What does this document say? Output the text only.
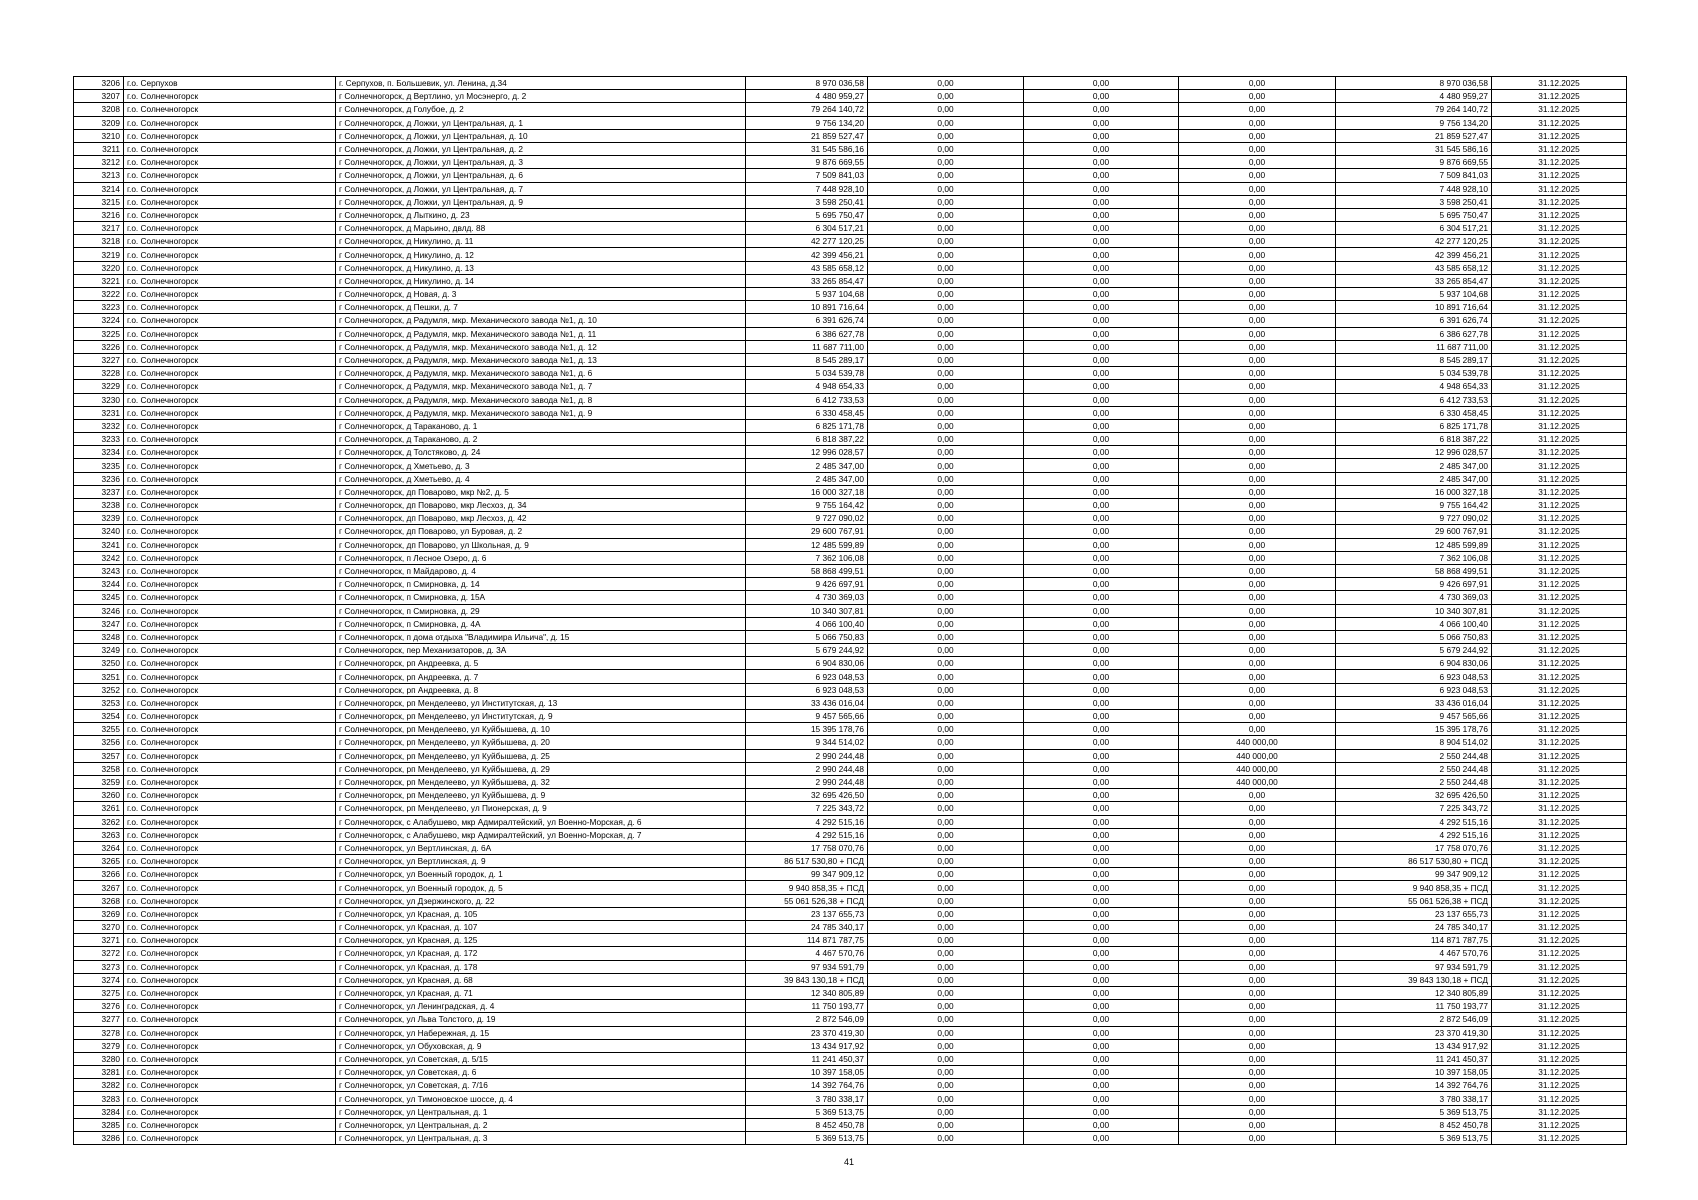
3206	г.о. Серпухов	г. Серпухов, п. Большевик, ул. Ленина, д.34	8 970 036,58	0,00	0,00	0,00	8 970 036,58	31.12.2025
3207	г.о. Солнечногорск	г Солнечногорск, д Вертлино, ул Мосэнерго, д. 2	4 480 959,27	0,00	0,00	0,00	4 480 959,27	31.12.2025
3208	г.о. Солнечногорск	г Солнечногорск, д Голубое, д. 2	79 264 140,72	0,00	0,00	0,00	79 264 140,72	31.12.2025
3209	г.о. Солнечногорск	г Солнечногорск, д Ложки, ул Центральная, д. 1	9 756 134,20	0,00	0,00	0,00	9 756 134,20	31.12.2025
3210	г.о. Солнечногорск	г Солнечногорск, д Ложки, ул Центральная, д. 10	21 859 527,47	0,00	0,00	0,00	21 859 527,47	31.12.2025
3211	г.о. Солнечногорск	г Солнечногорск, д Ложки, ул Центральная, д. 2	31 545 586,16	0,00	0,00	0,00	31 545 586,16	31.12.2025
3212	г.о. Солнечногорск	г Солнечногорск, д Ложки, ул Центральная, д. 3	9 876 669,55	0,00	0,00	0,00	9 876 669,55	31.12.2025
3213	г.о. Солнечногорск	г Солнечногорск, д Ложки, ул Центральная, д. 6	7 509 841,03	0,00	0,00	0,00	7 509 841,03	31.12.2025
3214	г.о. Солнечногорск	г Солнечногорск, д Ложки, ул Центральная, д. 7	7 448 928,10	0,00	0,00	0,00	7 448 928,10	31.12.2025
3215	г.о. Солнечногорск	г Солнечногорск, д Ложки, ул Центральная, д. 9	3 598 250,41	0,00	0,00	0,00	3 598 250,41	31.12.2025
3216	г.о. Солнечногорск	г Солнечногорск, д Лыткино, д. 23	5 695 750,47	0,00	0,00	0,00	5 695 750,47	31.12.2025
3217	г.о. Солнечногорск	г Солнечногорск, д Марьино, двлд. 88	6 304 517,21	0,00	0,00	0,00	6 304 517,21	31.12.2025
3218	г.о. Солнечногорск	г Солнечногорск, д Никулино, д. 11	42 277 120,25	0,00	0,00	0,00	42 277 120,25	31.12.2025
3219	г.о. Солнечногорск	г Солнечногорск, д Никулино, д. 12	42 399 456,21	0,00	0,00	0,00	42 399 456,21	31.12.2025
3220	г.о. Солнечногорск	г Солнечногорск, д Никулино, д. 13	43 585 658,12	0,00	0,00	0,00	43 585 658,12	31.12.2025
3221	г.о. Солнечногорск	г Солнечногорск, д Никулино, д. 14	33 265 854,47	0,00	0,00	0,00	33 265 854,47	31.12.2025
3222	г.о. Солнечногорск	г Солнечногорск, д Новая, д. 3	5 937 104,68	0,00	0,00	0,00	5 937 104,68	31.12.2025
3223	г.о. Солнечногорск	г Солнечногорск, д Пешки, д. 7	10 891 716,64	0,00	0,00	0,00	10 891 716,64	31.12.2025
3224	г.о. Солнечногорск	г Солнечногорск, д Радумля, мкр. Механического завода №1, д. 10	6 391 626,74	0,00	0,00	0,00	6 391 626,74	31.12.2025
3225	г.о. Солнечногорск	г Солнечногорск, д Радумля, мкр. Механического завода №1, д. 11	6 386 627,78	0,00	0,00	0,00	6 386 627,78	31.12.2025
3226	г.о. Солнечногорск	г Солнечногорск, д Радумля, мкр. Механического завода №1, д. 12	11 687 711,00	0,00	0,00	0,00	11 687 711,00	31.12.2025
3227	г.о. Солнечногорск	г Солнечногорск, д Радумля, мкр. Механического завода №1, д. 13	8 545 289,17	0,00	0,00	0,00	8 545 289,17	31.12.2025
3228	г.о. Солнечногорск	г Солнечногорск, д Радумля, мкр. Механического завода №1, д. 6	5 034 539,78	0,00	0,00	0,00	5 034 539,78	31.12.2025
3229	г.о. Солнечногорск	г Солнечногорск, д Радумля, мкр. Механического завода №1, д. 7	4 948 654,33	0,00	0,00	0,00	4 948 654,33	31.12.2025
3230	г.о. Солнечногорск	г Солнечногорск, д Радумля, мкр. Механического завода №1, д. 8	6 412 733,53	0,00	0,00	0,00	6 412 733,53	31.12.2025
3231	г.о. Солнечногорск	г Солнечногорск, д Радумля, мкр. Механического завода №1, д. 9	6 330 458,45	0,00	0,00	0,00	6 330 458,45	31.12.2025
3232	г.о. Солнечногорск	г Солнечногорск, д Тараканово, д. 1	6 825 171,78	0,00	0,00	0,00	6 825 171,78	31.12.2025
3233	г.о. Солнечногорск	г Солнечногорск, д Тараканово, д. 2	6 818 387,22	0,00	0,00	0,00	6 818 387,22	31.12.2025
3234	г.о. Солнечногорск	г Солнечногорск, д Толстяково, д. 24	12 996 028,57	0,00	0,00	0,00	12 996 028,57	31.12.2025
3235	г.о. Солнечногорск	г Солнечногорск, д Хметьево, д. 3	2 485 347,00	0,00	0,00	0,00	2 485 347,00	31.12.2025
3236	г.о. Солнечногорск	г Солнечногорск, д Хметьево, д. 4	2 485 347,00	0,00	0,00	0,00	2 485 347,00	31.12.2025
3237	г.о. Солнечногорск	г Солнечногорск, дп Поварово, мкр №2, д. 5	16 000 327,18	0,00	0,00	0,00	16 000 327,18	31.12.2025
3238	г.о. Солнечногорск	г Солнечногорск, дп Поварово, мкр Лесхоз, д. 34	9 755 164,42	0,00	0,00	0,00	9 755 164,42	31.12.2025
3239	г.о. Солнечногорск	г Солнечногорск, дп Поварово, мкр Лесхоз, д. 42	9 727 090,02	0,00	0,00	0,00	9 727 090,02	31.12.2025
3240	г.о. Солнечногорск	г Солнечногорск, дп Поварово, ул Буровая, д. 2	29 600 767,91	0,00	0,00	0,00	29 600 767,91	31.12.2025
3241	г.о. Солнечногорск	г Солнечногорск, дп Поварово, ул Школьная, д. 9	12 485 599,89	0,00	0,00	0,00	12 485 599,89	31.12.2025
3242	г.о. Солнечногорск	г Солнечногорск, п Лесное Озеро, д. 6	7 362 106,08	0,00	0,00	0,00	7 362 106,08	31.12.2025
3243	г.о. Солнечногорск	г Солнечногорск, п Майдарово, д. 4	58 868 499,51	0,00	0,00	0,00	58 868 499,51	31.12.2025
3244	г.о. Солнечногорск	г Солнечногорск, п Смирновка, д. 14	9 426 697,91	0,00	0,00	0,00	9 426 697,91	31.12.2025
3245	г.о. Солнечногорск	г Солнечногорск, п Смирновка, д. 15А	4 730 369,03	0,00	0,00	0,00	4 730 369,03	31.12.2025
3246	г.о. Солнечногорск	г Солнечногорск, п Смирновка, д. 29	10 340 307,81	0,00	0,00	0,00	10 340 307,81	31.12.2025
3247	г.о. Солнечногорск	г Солнечногорск, п Смирновка, д. 4А	4 066 100,40	0,00	0,00	0,00	4 066 100,40	31.12.2025
3248	г.о. Солнечногорск	г Солнечногорск, п дома отдыха "Владимира Ильича", д. 15	5 066 750,83	0,00	0,00	0,00	5 066 750,83	31.12.2025
3249	г.о. Солнечногорск	г Солнечногорск, пер Механизаторов, д. 3А	5 679 244,92	0,00	0,00	0,00	5 679 244,92	31.12.2025
3250	г.о. Солнечногорск	г Солнечногорск, рп Андреевка, д. 5	6 904 830,06	0,00	0,00	0,00	6 904 830,06	31.12.2025
3251	г.о. Солнечногорск	г Солнечногорск, рп Андреевка, д. 7	6 923 048,53	0,00	0,00	0,00	6 923 048,53	31.12.2025
3252	г.о. Солнечногорск	г Солнечногорск, рп Андреевка, д. 8	6 923 048,53	0,00	0,00	0,00	6 923 048,53	31.12.2025
3253	г.о. Солнечногорск	г Солнечногорск, рп Менделеево, ул Институтская, д. 13	33 436 016,04	0,00	0,00	0,00	33 436 016,04	31.12.2025
3254	г.о. Солнечногорск	г Солнечногорск, рп Менделеево, ул Институтская, д. 9	9 457 565,66	0,00	0,00	0,00	9 457 565,66	31.12.2025
3255	г.о. Солнечногорск	г Солнечногорск, рп Менделеево, ул Куйбышева, д. 10	15 395 178,76	0,00	0,00	0,00	15 395 178,76	31.12.2025
3256	г.о. Солнечногорск	г Солнечногорск, рп Менделеево, ул Куйбышева, д. 20	9 344 514,02	0,00	0,00	440 000,00	8 904 514,02	31.12.2025
3257	г.о. Солнечногорск	г Солнечногорск, рп Менделеево, ул Куйбышева, д. 25	2 990 244,48	0,00	0,00	440 000,00	2 550 244,48	31.12.2025
3258	г.о. Солнечногорск	г Солнечногорск, рп Менделеево, ул Куйбышева, д. 29	2 990 244,48	0,00	0,00	440 000,00	2 550 244,48	31.12.2025
3259	г.о. Солнечногорск	г Солнечногорск, рп Менделеево, ул Куйбышева, д. 32	2 990 244,48	0,00	0,00	440 000,00	2 550 244,48	31.12.2025
3260	г.о. Солнечногорск	г Солнечногорск, рп Менделеево, ул Куйбышева, д. 9	32 695 426,50	0,00	0,00	0,00	32 695 426,50	31.12.2025
3261	г.о. Солнечногорск	г Солнечногорск, рп Менделеево, ул Пионерская, д. 9	7 225 343,72	0,00	0,00	0,00	7 225 343,72	31.12.2025
3262	г.о. Солнечногорск	г Солнечногорск, с Алабушево, мкр Адмиралтейский, ул Военно-Морская, д. 6	4 292 515,16	0,00	0,00	0,00	4 292 515,16	31.12.2025
3263	г.о. Солнечногорск	г Солнечногорск, с Алабушево, мкр Адмиралтейский, ул Военно-Морская, д. 7	4 292 515,16	0,00	0,00	0,00	4 292 515,16	31.12.2025
3264	г.о. Солнечногорск	г Солнечногорск, ул Вертлинская, д. 6А	17 758 070,76	0,00	0,00	0,00	17 758 070,76	31.12.2025
3265	г.о. Солнечногорск	г Солнечногорск, ул Вертлинская, д. 9	86 517 530,80 + ПСД	0,00	0,00	0,00	86 517 530,80 + ПСД	31.12.2025
3266	г.о. Солнечногорск	г Солнечногорск, ул Военный городок, д. 1	99 347 909,12	0,00	0,00	0,00	99 347 909,12	31.12.2025
3267	г.о. Солнечногорск	г Солнечногорск, ул Военный городок, д. 5	9 940 858,35 + ПСД	0,00	0,00	0,00	9 940 858,35 + ПСД	31.12.2025
3268	г.о. Солнечногорск	г Солнечногорск, ул Дзержинского, д. 22	55 061 526,38 + ПСД	0,00	0,00	0,00	55 061 526,38 + ПСД	31.12.2025
3269	г.о. Солнечногорск	г Солнечногорск, ул Красная, д. 105	23 137 655,73	0,00	0,00	0,00	23 137 655,73	31.12.2025
3270	г.о. Солнечногорск	г Солнечногорск, ул Красная, д. 107	24 785 340,17	0,00	0,00	0,00	24 785 340,17	31.12.2025
3271	г.о. Солнечногорск	г Солнечногорск, ул Красная, д. 125	114 871 787,75	0,00	0,00	0,00	114 871 787,75	31.12.2025
3272	г.о. Солнечногорск	г Солнечногорск, ул Красная, д. 172	4 467 570,76	0,00	0,00	0,00	4 467 570,76	31.12.2025
3273	г.о. Солнечногорск	г Солнечногорск, ул Красная, д. 178	97 934 591,79	0,00	0,00	0,00	97 934 591,79	31.12.2025
3274	г.о. Солнечногорск	г Солнечногорск, ул Красная, д. 68	39 843 130,18 + ПСД	0,00	0,00	0,00	39 843 130,18 + ПСД	31.12.2025
3275	г.о. Солнечногорск	г Солнечногорск, ул Красная, д. 71	12 340 805,89	0,00	0,00	0,00	12 340 805,89	31.12.2025
3276	г.о. Солнечногорск	г Солнечногорск, ул Ленинградская, д. 4	11 750 193,77	0,00	0,00	0,00	11 750 193,77	31.12.2025
3277	г.о. Солнечногорск	г Солнечногорск, ул Льва Толстого, д. 19	2 872 546,09	0,00	0,00	0,00	2 872 546,09	31.12.2025
3278	г.о. Солнечногорск	г Солнечногорск, ул Набережная, д. 15	23 370 419,30	0,00	0,00	0,00	23 370 419,30	31.12.2025
3279	г.о. Солнечногорск	г Солнечногорск, ул Обуховская, д. 9	13 434 917,92	0,00	0,00	0,00	13 434 917,92	31.12.2025
3280	г.о. Солнечногорск	г Солнечногорск, ул Советская, д. 5/15	11 241 450,37	0,00	0,00	0,00	11 241 450,37	31.12.2025
3281	г.о. Солнечногорск	г Солнечногорск, ул Советская, д. 6	10 397 158,05	0,00	0,00	0,00	10 397 158,05	31.12.2025
3282	г.о. Солнечногорск	г Солнечногорск, ул Советская, д. 7/16	14 392 764,76	0,00	0,00	0,00	14 392 764,76	31.12.2025
3283	г.о. Солнечногорск	г Солнечногорск, ул Тимоновское шоссе, д. 4	3 780 338,17	0,00	0,00	0,00	3 780 338,17	31.12.2025
3284	г.о. Солнечногорск	г Солнечногорск, ул Центральная, д. 1	5 369 513,75	0,00	0,00	0,00	5 369 513,75	31.12.2025
3285	г.о. Солнечногорск	г Солнечногорск, ул Центральная, д. 2	8 452 450,78	0,00	0,00	0,00	8 452 450,78	31.12.2025
3286	г.о. Солнечногорск	г Солнечногорск, ул Центральная, д. 3	5 369 513,75	0,00	0,00	0,00	5 369 513,75	31.12.2025
41
